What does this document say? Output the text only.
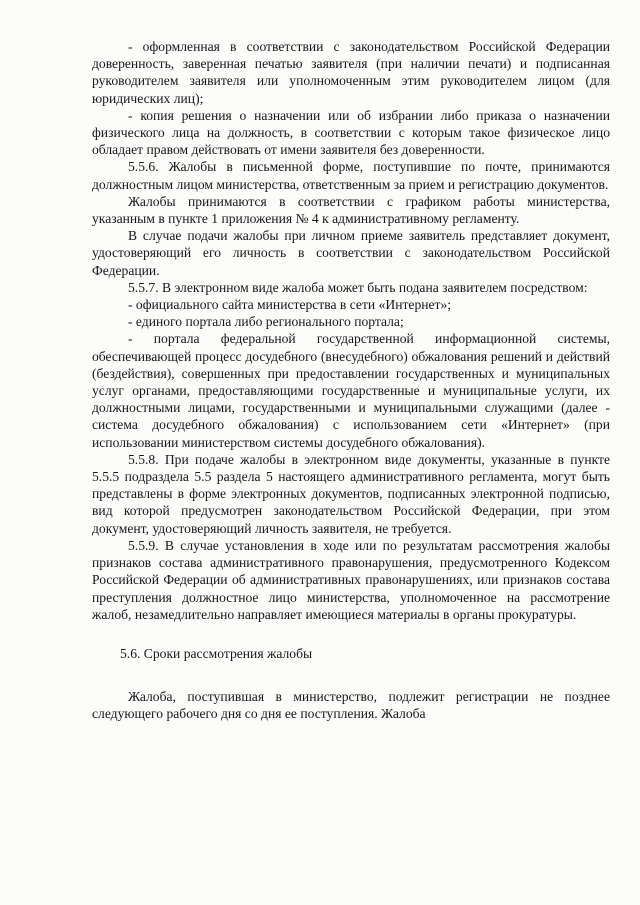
- оформленная в соответствии с законодательством Российской Федерации доверенность, заверенная печатью заявителя (при наличии печати) и подписанная руководителем заявителя или уполномоченным этим руководителем лицом (для юридических лиц);

- копия решения о назначении или об избрании либо приказа о назначении физического лица на должность, в соответствии с которым такое физическое лицо обладает правом действовать от имени заявителя без доверенности.

5.5.6. Жалобы в письменной форме, поступившие по почте, принимаются должностным лицом министерства, ответственным за прием и регистрацию документов.

Жалобы принимаются в соответствии с графиком работы министерства, указанным в пункте 1 приложения № 4 к административному регламенту.

В случае подачи жалобы при личном приеме заявитель представляет документ, удостоверяющий его личность в соответствии с законодательством Российской Федерации.

5.5.7. В электронном виде жалоба может быть подана заявителем посредством:

- официального сайта министерства в сети «Интернет»;

- единого портала либо регионального портала;

- портала федеральной государственной информационной системы, обеспечивающей процесс досудебного (внесудебного) обжалования решений и действий (бездействия), совершенных при предоставлении государственных и муниципальных услуг органами, предоставляющими государственные и муниципальные услуги, их должностными лицами, государственными и муниципальными служащими (далее - система досудебного обжалования) с использованием сети «Интернет» (при использовании министерством системы досудебного обжалования).

5.5.8. При подаче жалобы в электронном виде документы, указанные в пункте 5.5.5 подраздела 5.5 раздела 5 настоящего административного регламента, могут быть представлены в форме электронных документов, подписанных электронной подписью, вид которой предусмотрен законодательством Российской Федерации, при этом документ, удостоверяющий личность заявителя, не требуется.

5.5.9. В случае установления в ходе или по результатам рассмотрения жалобы признаков состава административного правонарушения, предусмотренного Кодексом Российской Федерации об административных правонарушениях, или признаков состава преступления должностное лицо министерства, уполномоченное на рассмотрение жалоб, незамедлительно направляет имеющиеся материалы в органы прокуратуры.

5.6. Сроки рассмотрения жалобы

Жалоба, поступившая в министерство, подлежит регистрации не позднее следующего рабочего дня со дня ее поступления. Жалоба
